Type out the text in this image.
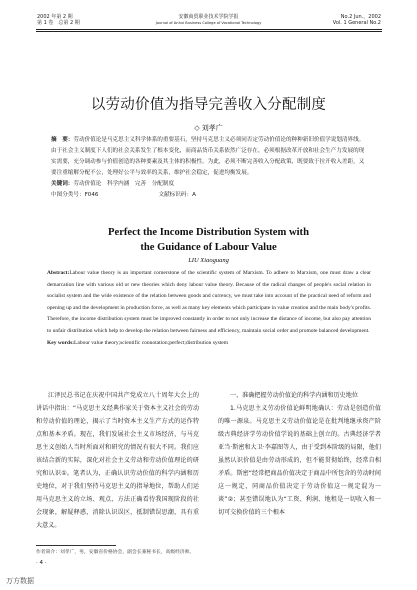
2002 年第 2 期
第 1 卷　总第 2 期
安徽商贸职业技术学院学报
Journal of Anhui Business College of Vocational Technology
No.2 Jun.，2002
Vol. 1 General No.2
以劳动价值为指导完善收入分配制度
◇ 刘孝广
摘　要：劳动价值论是马克思主义科学体系的重要基石，坚持马克思主义必须同否定劳动价值论的种种新旧价值学说划清界线。由于社会主义制度下人们的社会关系发生了根本变化，而商品货币关系依然广泛存在，必须根据改革开放和社会生产力发展的现实需要，充分调动参与价值创造的各种要素及其主体的积极性。为此，必须不断完善收入分配政策，既要致于拉开收入差距，又要注重缩解分配不公，处理好公平与效率的关系，维护社会稳定，促进均衡发展。
关键词：劳动价值论　科学内涵　完善　分配制度
中图分类号：F046	文献标识码：A
Perfect the Income Distribution System with
the Guidance of Labour Value
LIU Xiaoguang
Abstract:Labour value theory is an important cornerstone of the scientific system of Marxism. To adhere to Marxism, one must draw a clear demarcation line with various old or new theories which deny labour value theory. Because of the radical changes of people's social relation in socialist system and the wide existence of the relation between goods and currency, we must take into account of the practical need of reform and opening up and the development in production force, as well as many key elements which participate in value creation and the main body's profits. Therefore, the income distribution system must be improved constantly in order to not only increase the distance of income, but also pay attention to unfair distribution which help to develop the relation between fairness and efficiency, maintain social order and promote balanced development.
Key words:Labour value theory;scientific connotation;perfect;distribution system
江泽民总书记在庆祝中国共产党成立八十周年大会上的讲话中指出：“马克思主义经典作家关于资本主义社会的劳动和劳动价值的理论，揭示了当时资本主义生产方式的运作特点和基本矛盾。现在，我们发展社会主义市场经济，与马克思主义创始人当时所面对和研究的情况有很大不同。我们应该结合新的实际，深化对社会主义劳动和劳动价值理论的研究和认识①。笔者认为，正确认识劳动价值的科学内涵和历史地位，对于我们坚持马克思主义的指导地位，帮助人们运用马克思主义的立场、观点、方法正确看待我国现阶段的社会现象，解疑释惑，消除认识误区，抵制错误思潮，具有重大意义。
一、准确把握劳动价值论的科学内涵和历史地位
1.马克思主义劳动价值论鲜明地确认：劳动是创造价值的唯一源泉。马克思主义劳动价值论是在批判地继承资产阶级古典经济学劳动价值学说的基础上创立的。古典经济学者亚当·斯密和大卫·李嘉图等人，由于受到本阶级的局限，他们虽然认识价值是由劳动形成的，但不能贯彻始终，经常自相矛盾。斯密“经常把商品价值决定于商品中所包含的劳动时间这一规定，同商品价值决定于劳动价值这一规定混为一谈”②；甚至错误地认为“工资、利润、地租是一切收入和一切可交换价值的三个根本
作者简介：刘孝广，男，安徽省价格协会，副会长兼秘书长，高级经济师。
· 4 ·
万方数据
